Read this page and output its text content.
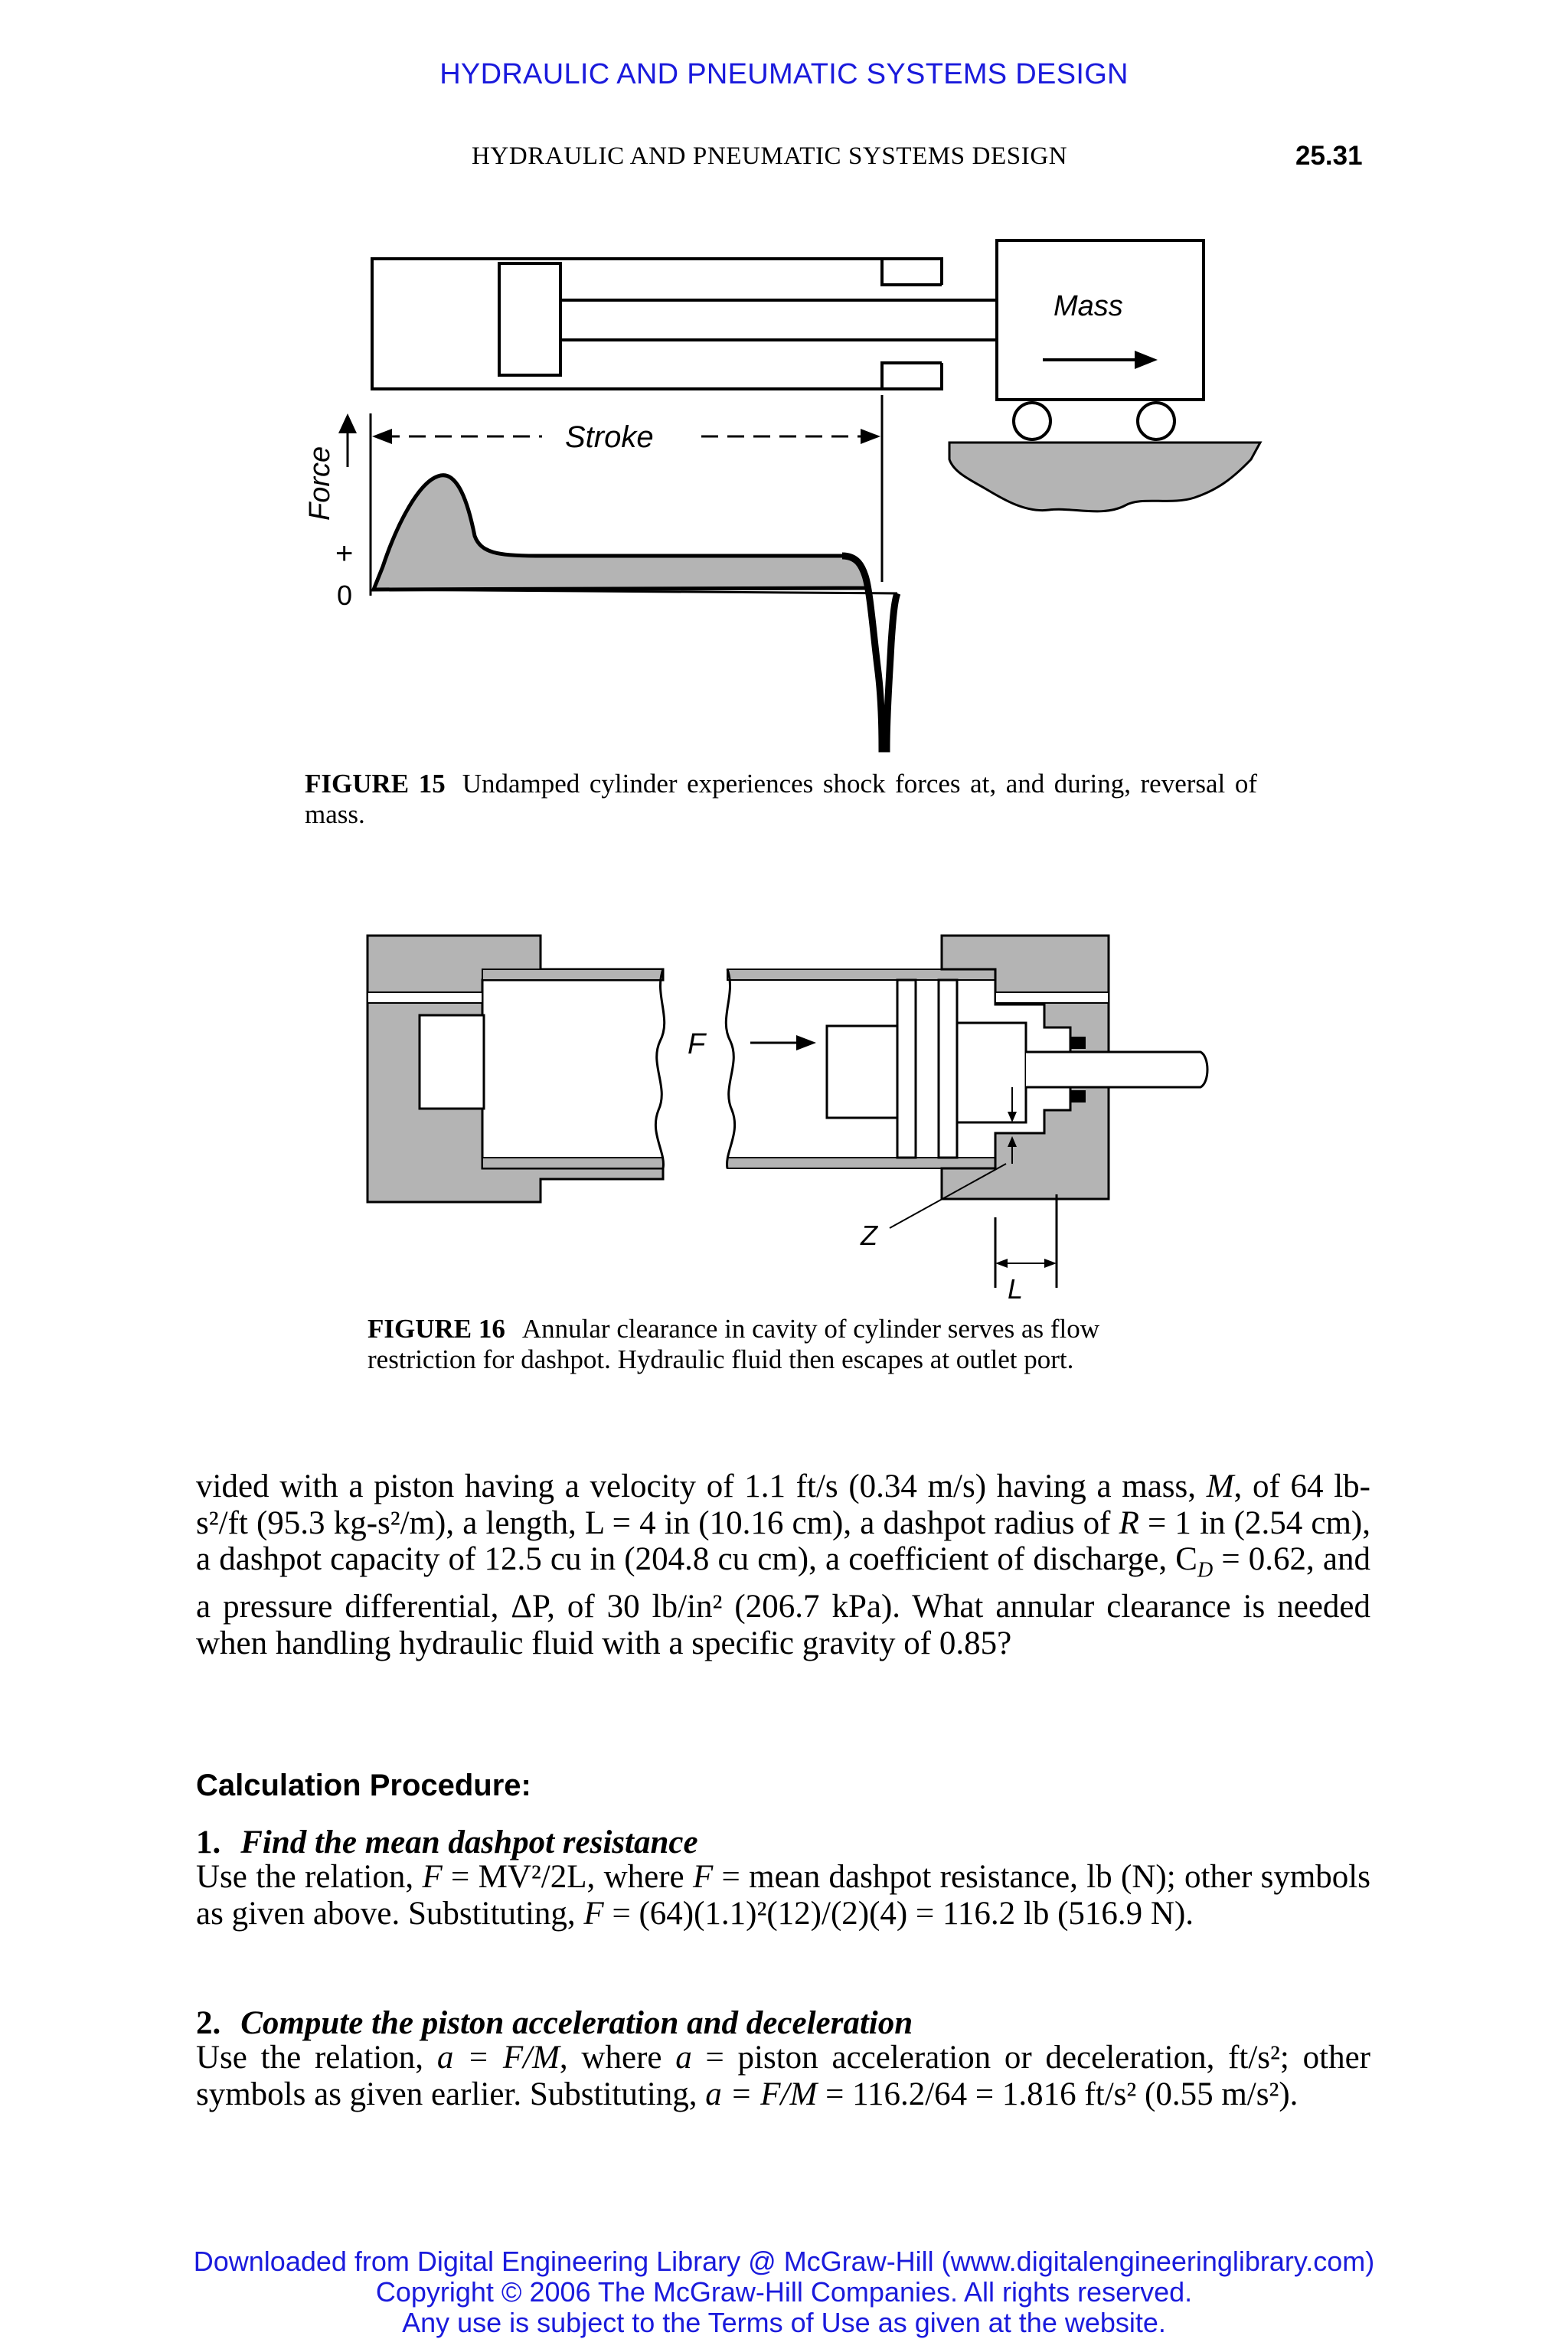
HYDRAULIC AND PNEUMATIC SYSTEMS DESIGN
HYDRAULIC AND PNEUMATIC SYSTEMS DESIGN	25.31
Stroke
Mass
Force
+
0
FIGURE 15 Undamped cylinder experiences shock forces at, and during, reversal of mass.
F
Z
L
FIGURE 16 Annular clearance in cavity of cylinder serves as flow restriction for dashpot. Hydraulic fluid then escapes at outlet port.
vided with a piston having a velocity of 1.1 ft/s (0.34 m/s) having a mass, M, of 64 lb-s²/ft (95.3 kg-s²/m), a length, L = 4 in (10.16 cm), a dashpot radius of R = 1 in (2.54 cm), a dashpot capacity of 12.5 cu in (204.8 cu cm), a coefficient of discharge, $C_D = 0.62$, and a pressure differential, ΔP, of 30 lb/in² (206.7 kPa). What annular clearance is needed when handling hydraulic fluid with a specific gravity of 0.85?
Calculation Procedure:
1. Find the mean dashpot resistance
Use the relation, F = MV²/2L, where F = mean dashpot resistance, lb (N); other symbols as given above. Substituting, F = (64)(1.1)²(12)/(2)(4) = 116.2 lb (516.9 N).
2. Compute the piston acceleration and deceleration
Use the relation, a = F/M, where a = piston acceleration or deceleration, ft/s²; other symbols as given earlier. Substituting, a = F/M = 116.2/64 = 1.816 ft/s² (0.55 m/s²).
Downloaded from Digital Engineering Library @ McGraw-Hill (www.digitalengineeringlibrary.com)
Copyright © 2006 The McGraw-Hill Companies. All rights reserved.
Any use is subject to the Terms of Use as given at the website.
